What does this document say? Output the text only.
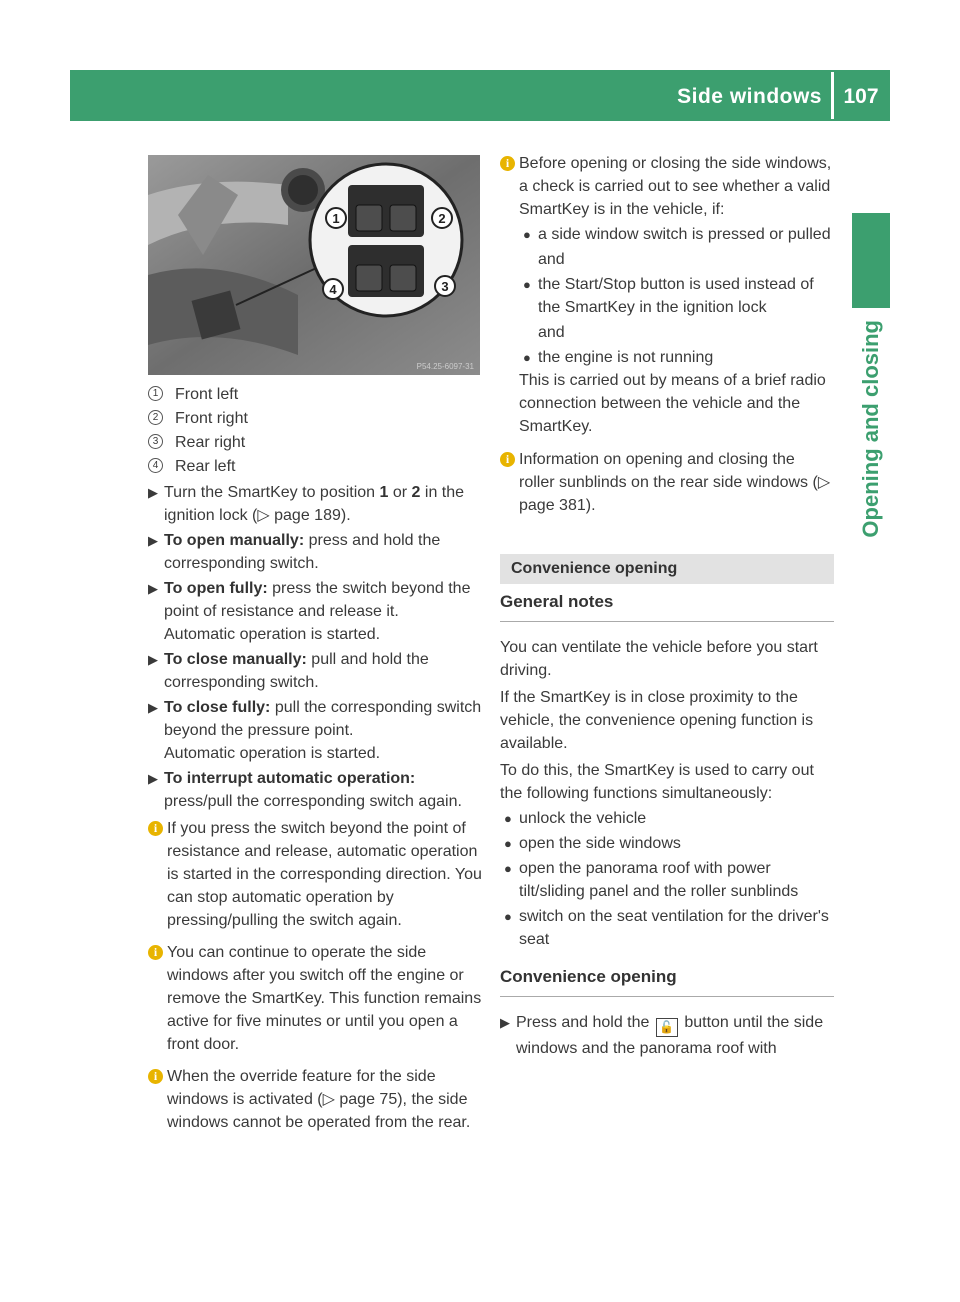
Side windows 107
Opening and closing
1	2
4	3
P54.25-6097-31
1 Front left
2 Front right
3 Rear right
4 Rear left
▶ Turn the SmartKey to position 1 or 2 in the ignition lock (▷ page 189).
▶ To open manually: press and hold the corresponding switch.
▶ To open fully: press the switch beyond the point of resistance and release it.
Automatic operation is started.
▶ To close manually: pull and hold the corresponding switch.
▶ To close fully: pull the corresponding switch beyond the pressure point.
Automatic operation is started.
▶ To interrupt automatic operation:
press/pull the corresponding switch again.
i If you press the switch beyond the point of resistance and release, automatic operation is started in the corresponding direction. You can stop automatic operation by pressing/pulling the switch again.
i You can continue to operate the side windows after you switch off the engine or remove the SmartKey. This function remains active for five minutes or until you open a front door.
i When the override feature for the side windows is activated (▷ page 75), the side windows cannot be operated from the rear.
i Before opening or closing the side windows, a check is carried out to see whether a valid SmartKey is in the vehicle, if:
● a side window switch is pressed or pulled
and
● the Start/Stop button is used instead of the SmartKey in the ignition lock
and
● the engine is not running
This is carried out by means of a brief radio connection between the vehicle and the SmartKey.
i Information on opening and closing the roller sunblinds on the rear side windows (▷ page 381).
Convenience opening
General notes
You can ventilate the vehicle before you start driving.
If the SmartKey is in close proximity to the vehicle, the convenience opening function is available.
To do this, the SmartKey is used to carry out the following functions simultaneously:
● unlock the vehicle
● open the side windows
● open the panorama roof with power tilt/sliding panel and the roller sunblinds
● switch on the seat ventilation for the driver's seat
Convenience opening
▶ Press and hold the 🔓 button until the side windows and the panorama roof with
